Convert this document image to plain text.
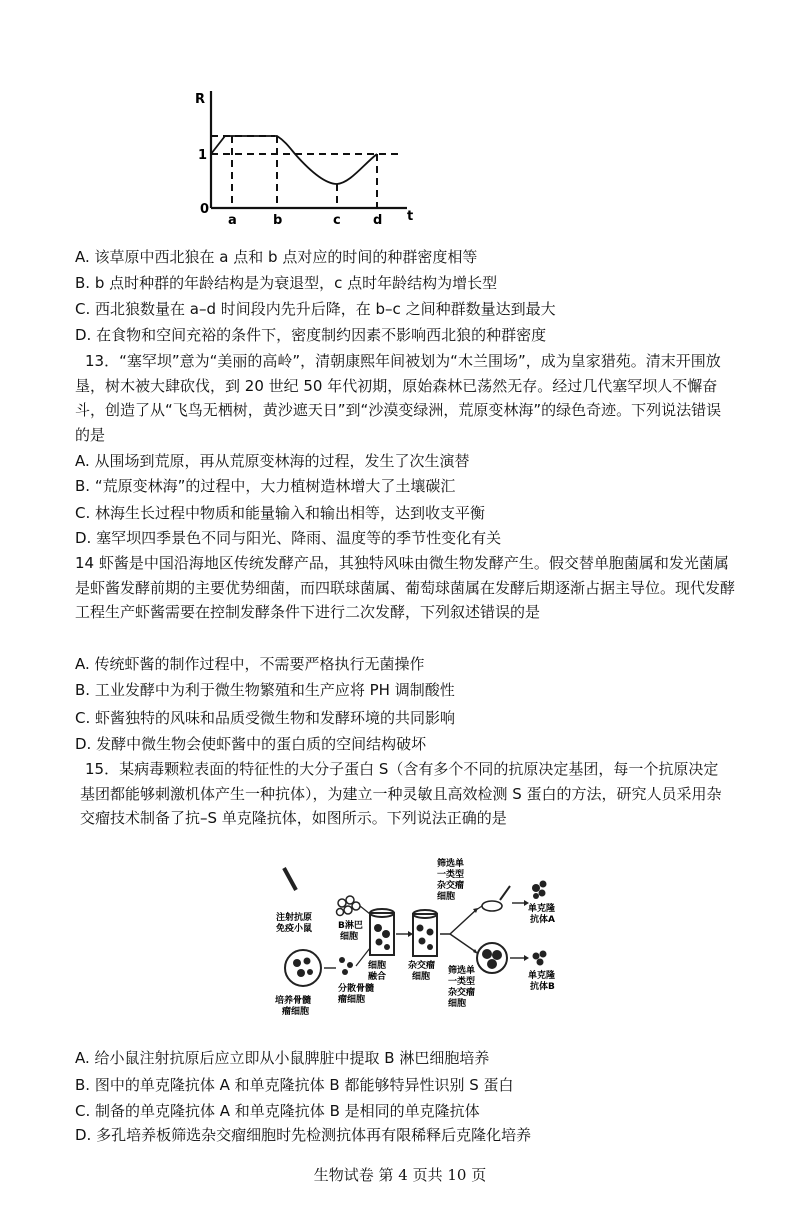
R
1
0
a	b	c d t
A. 该草原中西北狼在 a 点和 b 点对应的时间的种群密度相等
B. b 点时种群的年龄结构是为衰退型，c 点时年龄结构为增长型
C. 西北狼数量在 a–d 时间段内先升后降，在 b–c 之间种群数量达到最大
D. 在食物和空间充裕的条件下，密度制约因素不影响西北狼的种群密度
13．“塞罕坝”意为“美丽的高岭”，清朝康熙年间被划为“木兰围场”，成为皇家猎苑。清末开围放垦，树木被大肆砍伐，到 20 世纪 50 年代初期，原始森林已荡然无存。经过几代塞罕坝人不懈奋斗，创造了从“飞鸟无栖树，黄沙遮天日”到“沙漠变绿洲，荒原变林海”的绿色奇迹。下列说法错误的是
A. 从围场到荒原，再从荒原变林海的过程，发生了次生演替
B. “荒原变林海”的过程中，大力植树造林增大了土壤碳汇
C. 林海生长过程中物质和能量输入和输出相等，达到收支平衡
D. 塞罕坝四季景色不同与阳光、降雨、温度等的季节性变化有关
14 虾酱是中国沿海地区传统发酵产品，其独特风味由微生物发酵产生。假交替单胞菌属和发光菌属是虾酱发酵前期的主要优势细菌，而四联球菌属、葡萄球菌属在发酵后期逐渐占据主导位。现代发酵工程生产虾酱需要在控制发酵条件下进行二次发酵，下列叙述错误的是
A. 传统虾酱的制作过程中，不需要严格执行无菌操作
B. 工业发酵中为利于微生物繁殖和生产应将 PH 调制酸性
C. 虾酱独特的风味和品质受微生物和发酵环境的共同影响
D. 发酵中微生物会使虾酱中的蛋白质的空间结构破坏
15．某病毒颗粒表面的特征性的大分子蛋白 S（含有多个不同的抗原决定基团，每一个抗原决定基团都能够刺激机体产生一种抗体），为建立一种灵敏且高效检测 S 蛋白的方法，研究人员采用杂交瘤技术制备了抗–S 单克隆抗体，如图所示。下列说法正确的是
注射抗原
免疫小鼠	B淋巴
细胞
细胞
融合
杂交瘤
细胞
培养骨髓
瘤细胞
分散骨髓
瘤细胞
筛选单
一类型
杂交瘤
细胞
单克隆
抗体A
单克隆
抗体B
筛选单
一类型
杂交瘤
细胞
A. 给小鼠注射抗原后应立即从小鼠脾脏中提取 B 淋巴细胞培养
B. 图中的单克隆抗体 A 和单克隆抗体 B 都能够特异性识别 S 蛋白
C. 制备的单克隆抗体 A 和单克隆抗体 B 是相同的单克隆抗体
D. 多孔培养板筛选杂交瘤细胞时先检测抗体再有限稀释后克隆化培养
生物试卷 第 4 页共 10 页
